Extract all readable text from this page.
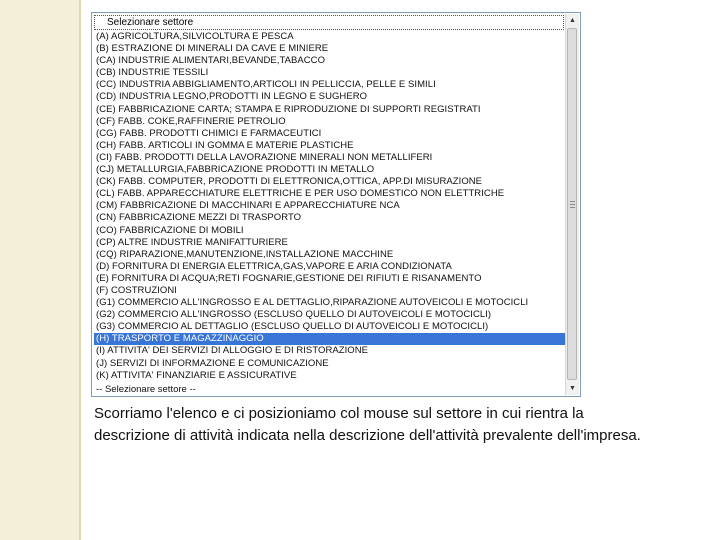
Selezionare settore
(A) AGRICOLTURA,SILVICOLTURA E PESCA
(B) ESTRAZIONE DI MINERALI DA CAVE E MINIERE
(CA) INDUSTRIE ALIMENTARI,BEVANDE,TABACCO
(CB) INDUSTRIE TESSILI
(CC) INDUSTRIA ABBIGLIAMENTO,ARTICOLI IN PELLICCIA, PELLE E SIMILI
(CD) INDUSTRIA LEGNO,PRODOTTI IN LEGNO E SUGHERO
(CE) FABBRICAZIONE CARTA; STAMPA E RIPRODUZIONE DI SUPPORTI REGISTRATI
(CF) FABB. COKE,RAFFINERIE PETROLIO
(CG) FABB. PRODOTTI CHIMICI E FARMACEUTICI
(CH) FABB. ARTICOLI IN GOMMA E MATERIE PLASTICHE
(CI) FABB. PRODOTTI DELLA LAVORAZIONE MINERALI NON METALLIFERI
(CJ) METALLURGIA,FABBRICAZIONE PRODOTTI IN METALLO
(CK) FABB. COMPUTER, PRODOTTI DI ELETTRONICA,OTTICA, APP.DI MISURAZIONE
(CL) FABB. APPARECCHIATURE ELETTRICHE E PER USO DOMESTICO NON ELETTRICHE
(CM) FABBRICAZIONE DI MACCHINARI E APPARECCHIATURE NCA
(CN) FABBRICAZIONE MEZZI DI TRASPORTO
(CO) FABBRICAZIONE DI MOBILI
(CP) ALTRE INDUSTRIE MANIFATTURIERE
(CQ) RIPARAZIONE,MANUTENZIONE,INSTALLAZIONE MACCHINE
(D) FORNITURA DI ENERGIA ELETTRICA,GAS,VAPORE E ARIA CONDIZIONATA
(E) FORNITURA DI ACQUA;RETI FOGNARIE,GESTIONE DEI RIFIUTI E RISANAMENTO
(F) COSTRUZIONI
(G1) COMMERCIO ALL'INGROSSO E AL DETTAGLIO,RIPARAZIONE AUTOVEICOLI E MOTOCICLI
(G2) COMMERCIO ALL'INGROSSO (ESCLUSO QUELLO DI AUTOVEICOLI E MOTOCICLI)
(G3) COMMERCIO AL DETTAGLIO (ESCLUSO QUELLO DI AUTOVEICOLI E MOTOCICLI)
(H) TRASPORTO E MAGAZZINAGGIO
(I) ATTIVITA' DEI SERVIZI DI ALLOGGIO E DI RISTORAZIONE
(J) SERVIZI DI INFORMAZIONE E COMUNICAZIONE
(K) ATTIVITA' FINANZIARIE E ASSICURATIVE
-- Selezionare settore --
▲
▼

Scorriamo l'elenco e ci posizioniamo col mouse sul settore in cui rientra la

descrizione di attività indicata nella descrizione dell'attività prevalente dell'impresa.
